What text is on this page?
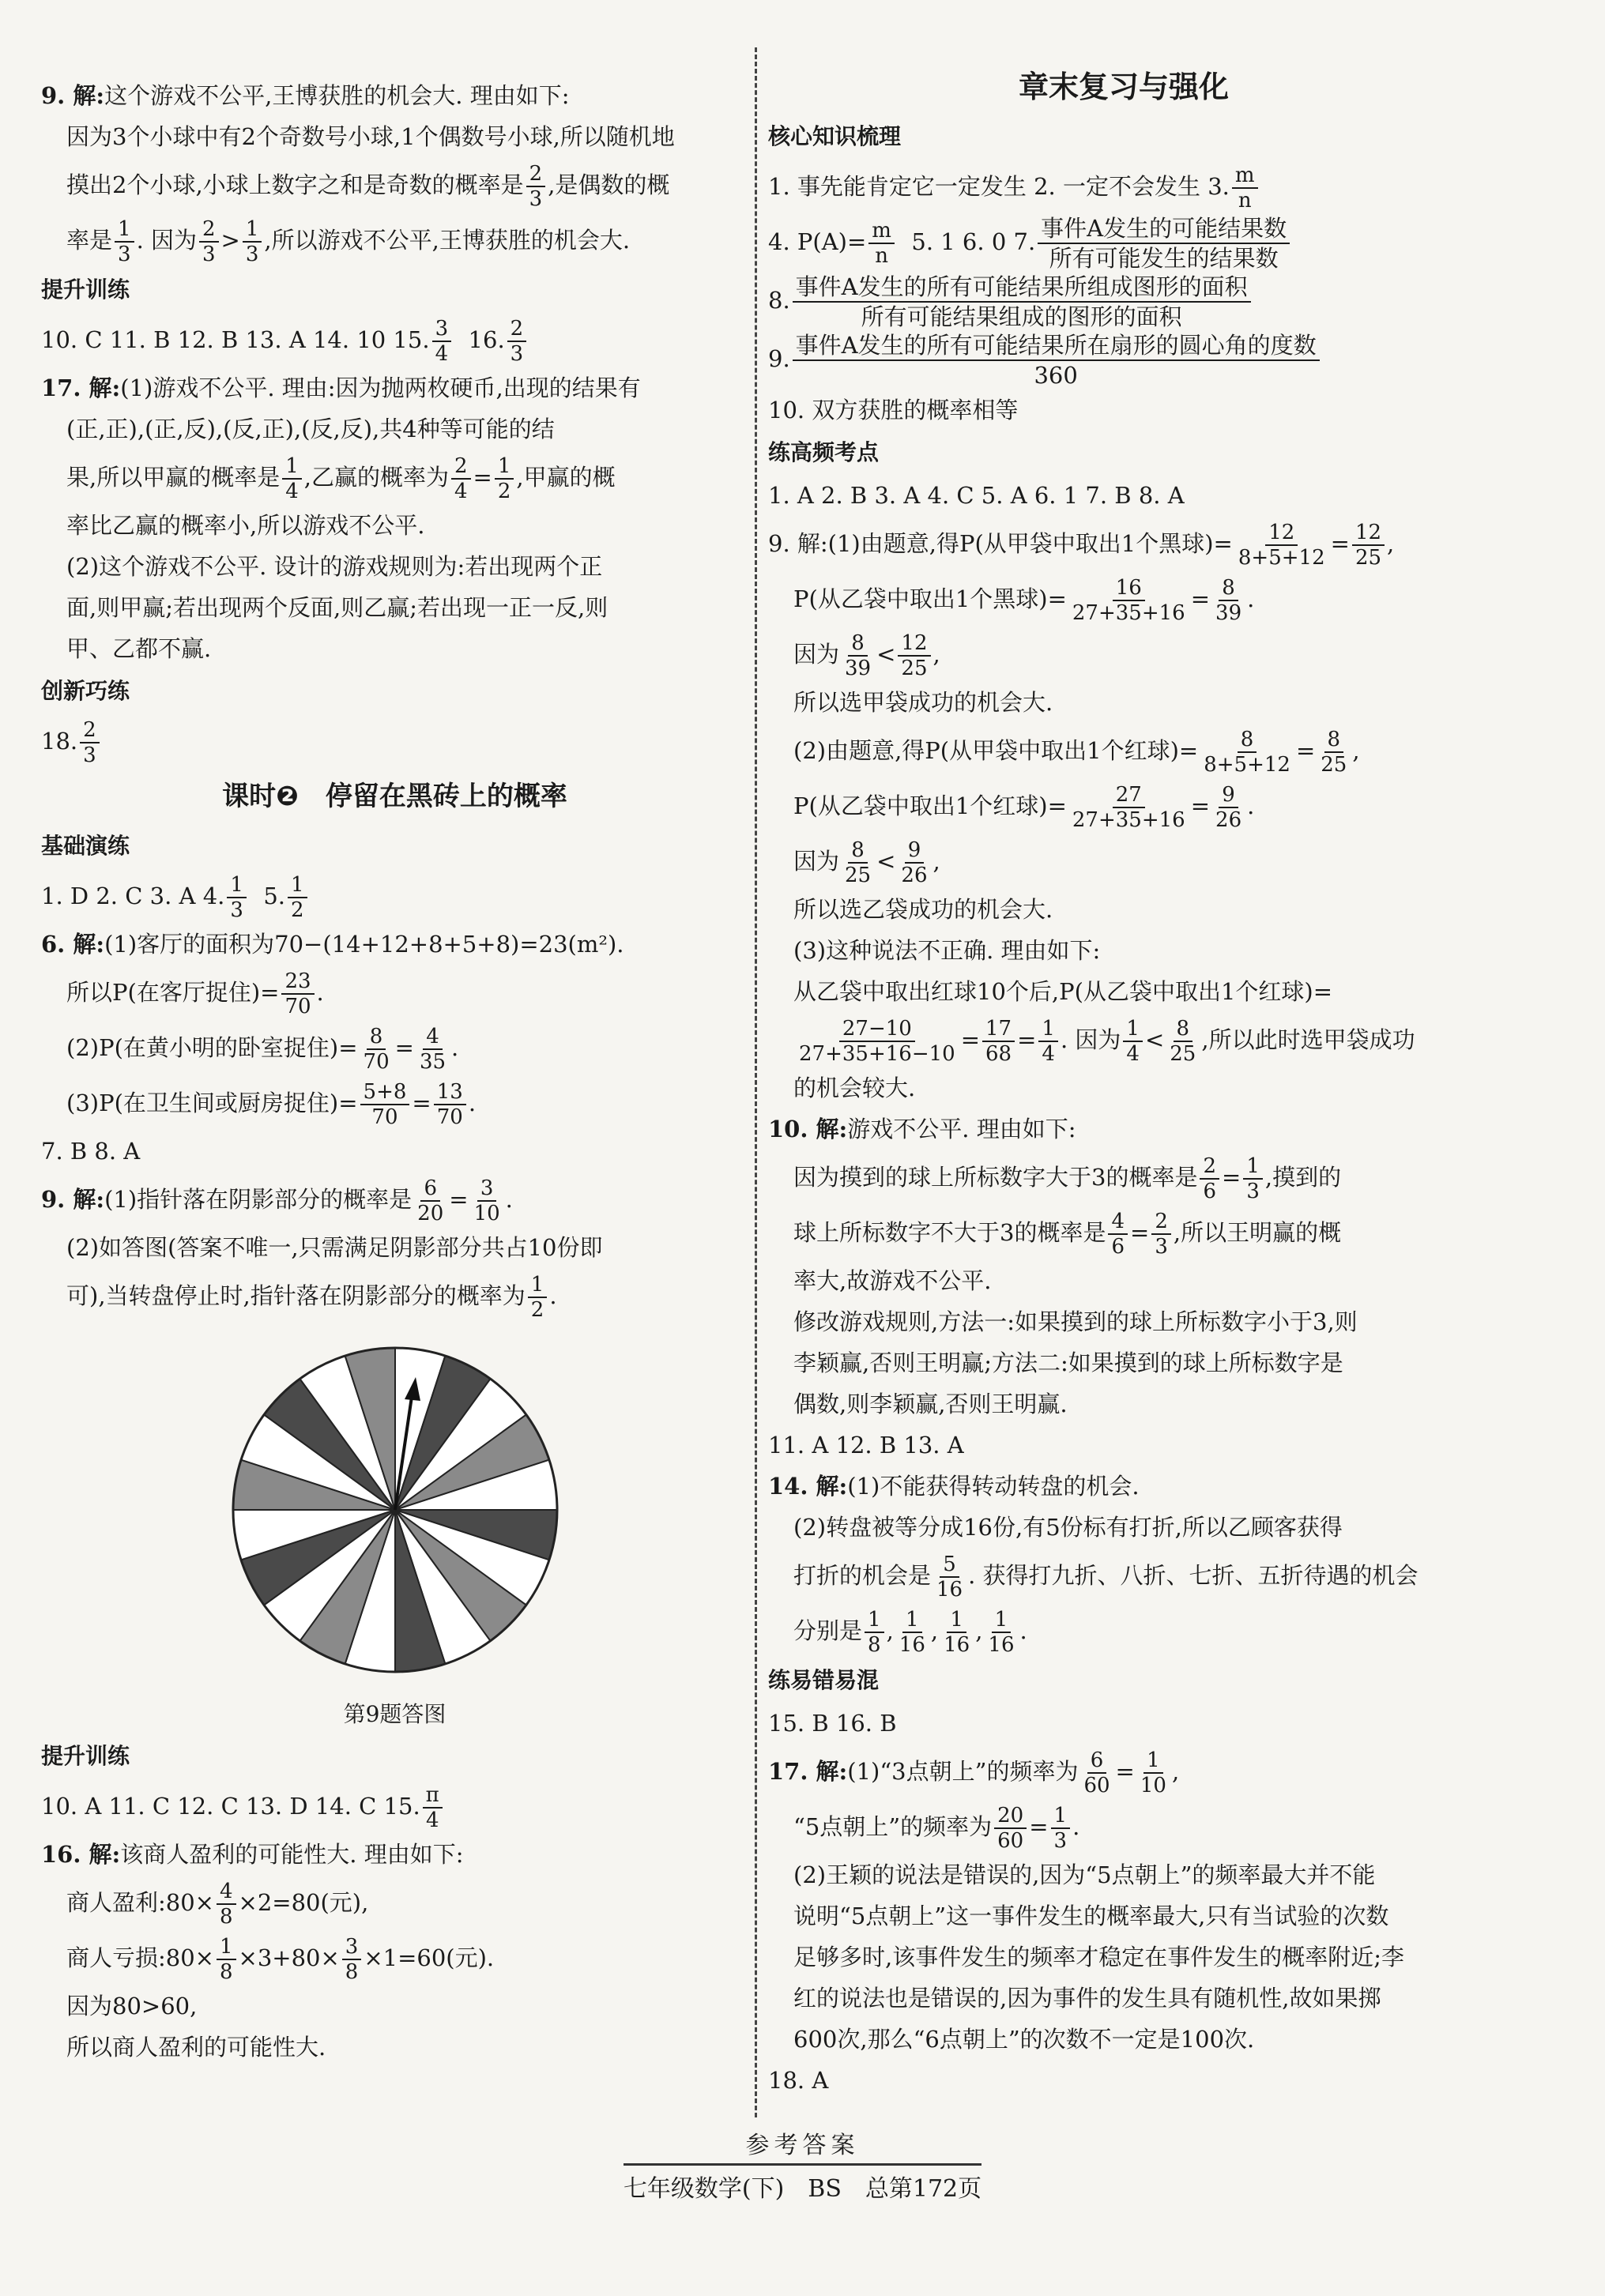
9. 解:这个游戏不公平,王博获胜的机会大. 理由如下:
因为3个小球中有2个奇数号小球,1个偶数号小球,所以随机地
摸出2个小球,小球上数字之和是奇数的概率是 $\frac{2}{3}$ ,是偶数的概
率是 $\frac{1}{3}$ . 因为 $\frac{2}{3} > \frac{1}{3}$ ,所以游戏不公平,王博获胜的机会大.
提升训练
10. C 11. B 12. B 13. A 14. 10 15. $\frac{3}{4} 16$. $\frac{2}{3}$
17. 解:(1)游戏不公平. 理由:因为抛两枚硬币,出现的结果有
(正,正),(正,反),(反,正),(反,反),共4种等可能的结
果,所以甲赢的概率是 $\frac{1}{4}$ ,乙赢的概率为 $\frac{2}{4} = \frac{1}{2}$ ,甲赢的概
率比乙赢的概率小,所以游戏不公平.
(2)这个游戏不公平. 设计的游戏规则为:若出现两个正
面,则甲赢;若出现两个反面,则乙赢;若出现一正一反,则
甲、乙都不赢.
创新巧练
18. $\frac{2}{3}$
课时❷　停留在黑砖上的概率
基础演练
1. D 2. C 3. A 4. $\frac{1}{3} 5$. $\frac{1}{2}$
6. 解:(1)客厅的面积为70−(14+12+8+5+8)=23(m²).
所以P(在客厅捉住)= $\frac{23}{70}$ .
(2)P(在黄小明的卧室捉住)= $\frac{8}{70} = \frac{4}{35}$ .
(3)P(在卫生间或厨房捉住)= $\frac{5+8}{70} = \frac{13}{70}$ .
7. B 8. A
9. 解:(1)指针落在阴影部分的概率是 $\frac{6}{20} = \frac{3}{10}$ .
(2)如答图(答案不唯一,只需满足阴影部分共占10份即
可),当转盘停止时,指针落在阴影部分的概率为 $\frac{1}{2}$ .
第9题答图
提升训练
10. A 11. C 12. C 13. D 14. C 15. $\frac{\pi}{4}$
16. 解:该商人盈利的可能性大. 理由如下:
商人盈利:80× $\frac{4}{8} \times 2=80$(元),
商人亏损:80× $\frac{1}{8} \times 3+80\times \frac{3}{8} \times 1=60$(元).
因为80>60,
所以商人盈利的可能性大.
章末复习与强化
核心知识梳理
1. 事先能肯定它一定发生 2. 一定不会发生 3. $\frac{m}{n}$
4. $P(A)= \frac{m}{n} 5$. 1 6. 0 7. 事件A发生的可能结果数
所有可能发生的结果数
8. 事件A发生的所有可能结果所组成图形的面积
所有可能结果组成的图形的面积
9. 事件A发生的所有可能结果所在扇形的圆心角的度数
360
10. 双方获胜的概率相等
练高频考点
1. A 2. B 3. A 4. C 5. A 6. 1 7. B 8. A
9. 解:(1)由题意,得P(从甲袋中取出1个黑球)= $\frac{12}{8+5+12} = \frac{12}{25}$ ,
P(从乙袋中取出1个黑球)= $\frac{16}{27+35+16} = \frac{8}{39}$ .
因为 $\frac{8}{39} < \frac{12}{25}$ ,
所以选甲袋成功的机会大.
(2)由题意,得P(从甲袋中取出1个红球)= $\frac{8}{8+5+12} = \frac{8}{25}$ ,
P(从乙袋中取出1个红球)= $\frac{27}{27+35+16} = \frac{9}{26}$ .
因为 $\frac{8}{25} < \frac{9}{26}$ ,
所以选乙袋成功的机会大.
(3)这种说法不正确. 理由如下:
从乙袋中取出红球10个后,P(从乙袋中取出1个红球)=
$\frac{27-10}{27+35+16-10} = \frac{17}{68} = \frac{1}{4}$ . 因为 $\frac{1}{4} < \frac{8}{25}$ ,所以此时选甲袋成功
的机会较大.
10. 解:游戏不公平. 理由如下:
因为摸到的球上所标数字大于3的概率是 $\frac{2}{6} = \frac{1}{3}$ ,摸到的
球上所标数字不大于3的概率是 $\frac{4}{6} = \frac{2}{3}$ ,所以王明赢的概
率大,故游戏不公平.
修改游戏规则,方法一:如果摸到的球上所标数字小于3,则
李颖赢,否则王明赢;方法二:如果摸到的球上所标数字是
偶数,则李颖赢,否则王明赢.
11. A 12. B 13. A
14. 解:(1)不能获得转动转盘的机会.
(2)转盘被等分成16份,有5份标有打折,所以乙顾客获得
打折的机会是 $\frac{5}{16}$ . 获得打九折、八折、七折、五折待遇的机会
分别是 $\frac{1}{8}$ , $\frac{1}{16}$ , $\frac{1}{16}$ , $\frac{1}{16}$ .
练易错易混
15. B 16. B
17. 解:(1)“3点朝上”的频率为 $\frac{6}{60} = \frac{1}{10}$ ,
“5点朝上”的频率为 $\frac{20}{60} = \frac{1}{3}$ .
(2)王颖的说法是错误的,因为“5点朝上”的频率最大并不能
说明“5点朝上”这一事件发生的概率最大,只有当试验的次数
足够多时,该事件发生的频率才稳定在事件发生的概率附近;李
红的说法也是错误的,因为事件的发生具有随机性,故如果掷
600次,那么“6点朝上”的次数不一定是100次.
18. A
参考答案
七年级数学(下)　BS　总第172页
